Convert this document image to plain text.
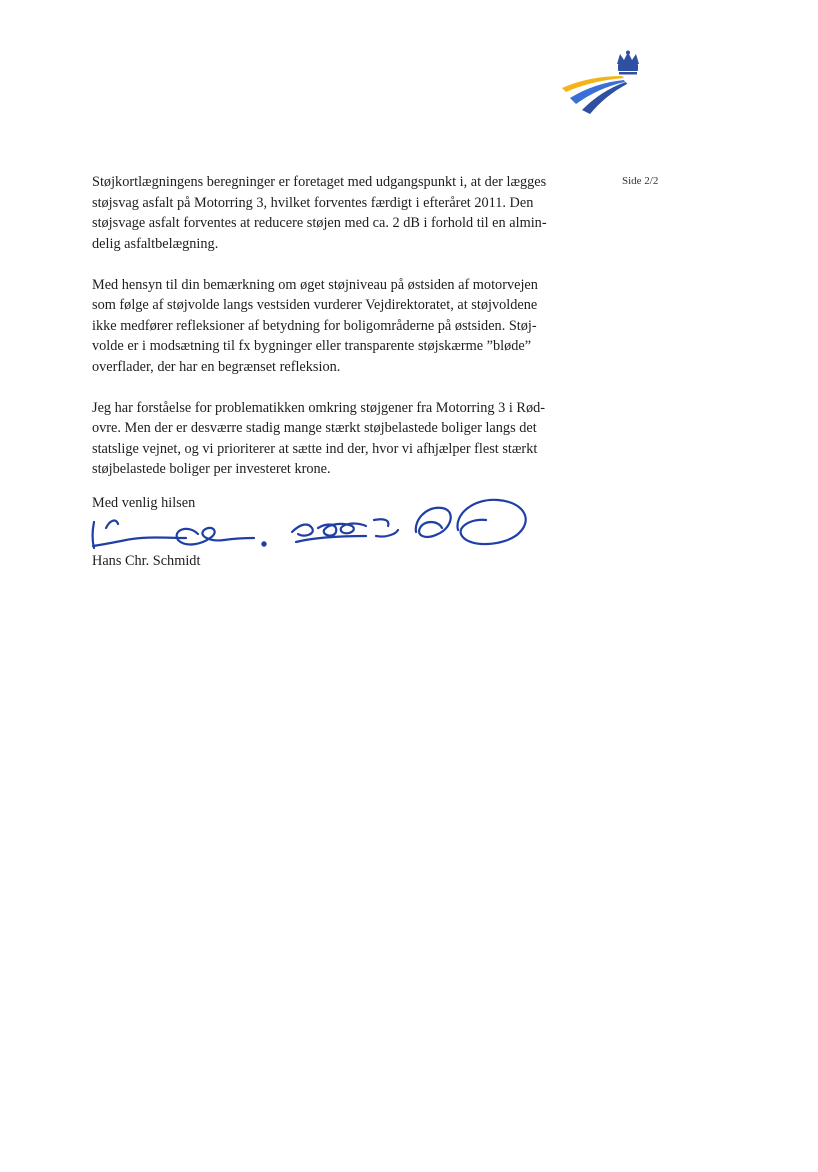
Side 2/2

Støjkortlægningens beregninger er foretaget med udgangspunkt i, at der lægges
støjsvag asfalt på Motorring 3, hvilket forventes færdigt i efteråret 2011. Den
støjsvage asfalt forventes at reducere støjen med ca. 2 dB i forhold til en almin-
delig asfaltbelægning.

Med hensyn til din bemærkning om øget støjniveau på østsiden af motorvejen
som følge af støjvolde langs vestsiden vurderer Vejdirektoratet, at støjvoldene
ikke medfører refleksioner af betydning for boligområderne på østsiden. Støj-
volde er i modsætning til fx bygninger eller transparente støjskærme ”bløde”
overflader, der har en begrænset refleksion.

Jeg har forståelse for problematikken omkring støjgener fra Motorring 3 i Rød-
ovre. Men der er desværre stadig mange stærkt støjbelastede boliger langs det
statslige vejnet, og vi prioriterer at sætte ind der, hvor vi afhjælper flest stærkt
støjbelastede boliger per investeret krone.

Med venlig hilsen
Hans Chr. Schmidt
